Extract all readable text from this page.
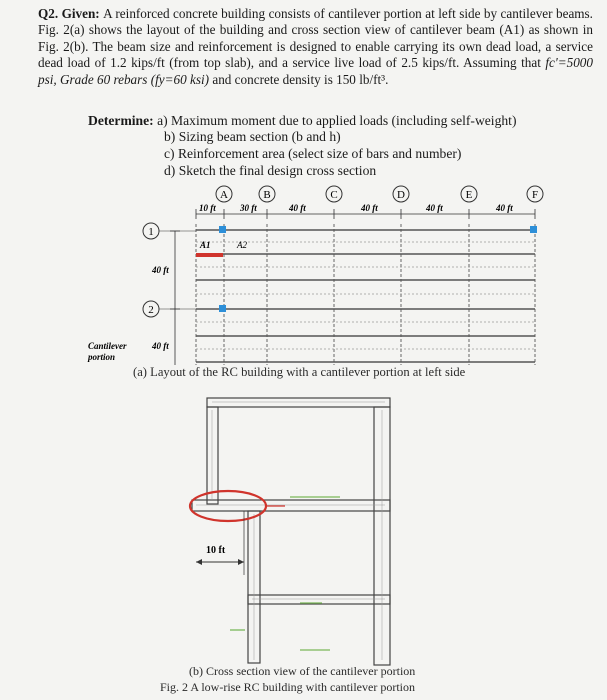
Q2. Given: A reinforced concrete building consists of cantilever portion at left side by cantilever beams. Fig. 2(a) shows the layout of the building and cross section view of cantilever beam (A1) as shown in Fig. 2(b). The beam size and reinforcement is designed to enable carrying its own dead load, a service dead load of 1.2 kips/ft (from top slab), and a service live load of 2.5 kips/ft. Assuming that fc'=5000 psi, Grade 60 rebars (fy=60 ksi) and concrete density is 150 lb/ft³.
Determine: a) Maximum moment due to applied loads (including self-weight)
b) Sizing beam section (b and h)
c) Reinforcement area (select size of bars and number)
d) Sketch the final design cross section
A	B	C	D	E	F
10 ft	30 ft	40 ft	40 ft	40 ft	40 ft
A1	A2
1
2
40 ft
Cantilever
portion
40 ft
(a) Layout of the RC building with a cantilever portion at left side
10 ft
(b) Cross section view of the cantilever portion
Fig. 2 A low-rise RC building with cantilever portion
